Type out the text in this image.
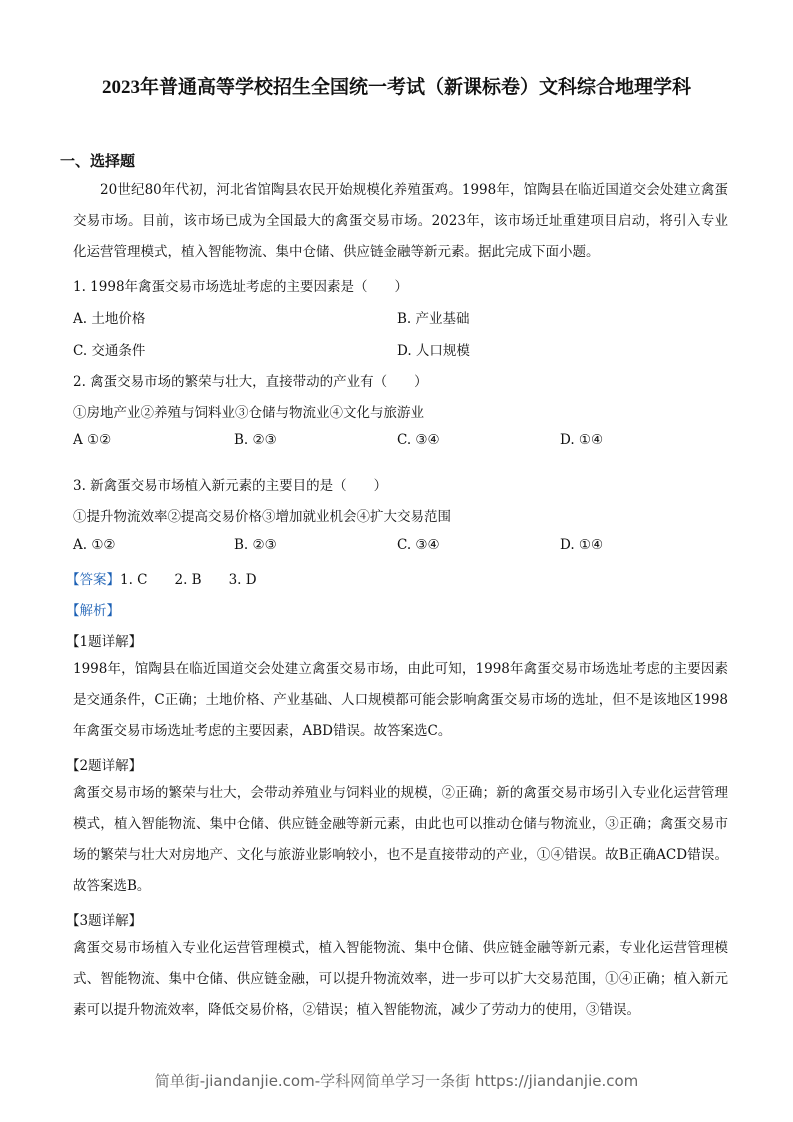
2023年普通高等学校招生全国统一考试（新课标卷）文科综合地理学科
一、选择题
20世纪80年代初，河北省馆陶县农民开始规模化养殖蛋鸡。1998年，馆陶县在临近国道交会处建立禽蛋交易市场。目前，该市场已成为全国最大的禽蛋交易市场。2023年，该市场迁址重建项目启动，将引入专业化运营管理模式，植入智能物流、集中仓储、供应链金融等新元素。据此完成下面小题。
1. 1998年禽蛋交易市场选址考虑的主要因素是（　　）
A. 土地价格	B. 产业基础
C. 交通条件	D. 人口规模
2. 禽蛋交易市场的繁荣与壮大，直接带动的产业有（　　）
①房地产业②养殖与饲料业③仓储与物流业④文化与旅游业
A ①②	B. ②③	C. ③④	D. ①④
3. 新禽蛋交易市场植入新元素的主要目的是（　　）
①提升物流效率②提高交易价格③增加就业机会④扩大交易范围
A. ①②	B. ②③	C. ③④	D. ①④
【答案】1. C　　2. B　　3. D
【解析】
【1题详解】
1998年，馆陶县在临近国道交会处建立禽蛋交易市场，由此可知，1998年禽蛋交易市场选址考虑的主要因素是交通条件，C正确；土地价格、产业基础、人口规模都可能会影响禽蛋交易市场的选址，但不是该地区1998年禽蛋交易市场选址考虑的主要因素，ABD错误。故答案选C。
【2题详解】
禽蛋交易市场的繁荣与壮大，会带动养殖业与饲料业的规模，②正确；新的禽蛋交易市场引入专业化运营管理模式，植入智能物流、集中仓储、供应链金融等新元素，由此也可以推动仓储与物流业，③正确；禽蛋交易市场的繁荣与壮大对房地产、文化与旅游业影响较小，也不是直接带动的产业，①④错误。故B正确ACD错误。故答案选B。
【3题详解】
禽蛋交易市场植入专业化运营管理模式，植入智能物流、集中仓储、供应链金融等新元素，专业化运营管理模式、智能物流、集中仓储、供应链金融，可以提升物流效率，进一步可以扩大交易范围，①④正确；植入新元素可以提升物流效率，降低交易价格，②错误；植入智能物流，减少了劳动力的使用，③错误。
简单街-jiandanjie.com-学科网简单学习一条街 https://jiandanjie.com
